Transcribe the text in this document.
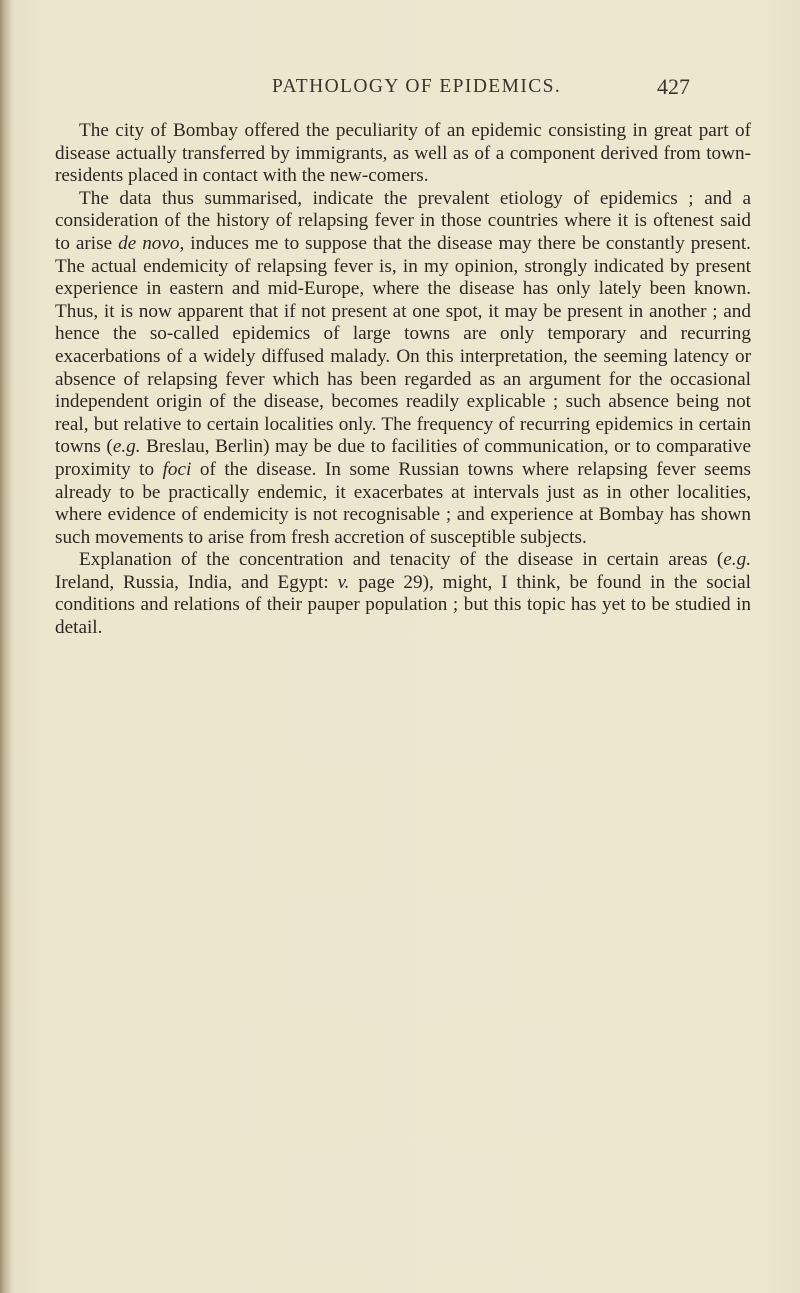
PATHOLOGY OF EPIDEMICS.	427

The city of Bombay offered the peculiarity of an epidemic consisting in great part of disease actually transferred by immigrants, as well as of a component derived from town-residents placed in contact with the new-comers.

The data thus summarised, indicate the prevalent etiology of epidemics ; and a consideration of the history of relapsing fever in those countries where it is oftenest said to arise de novo, induces me to suppose that the disease may there be constantly present. The actual endemicity of relapsing fever is, in my opinion, strongly indicated by present experience in eastern and mid-Europe, where the disease has only lately been known. Thus, it is now apparent that if not present at one spot, it may be present in another ; and hence the so-called epidemics of large towns are only temporary and recurring exacerbations of a widely diffused malady. On this interpretation, the seeming latency or absence of relapsing fever which has been regarded as an argument for the occasional independent origin of the disease, becomes readily explicable ; such absence being not real, but relative to certain localities only. The frequency of recurring epidemics in certain towns (e.g. Breslau, Berlin) may be due to facilities of communication, or to comparative proximity to foci of the disease. In some Russian towns where relapsing fever seems already to be practically endemic, it exacerbates at intervals just as in other localities, where evidence of endemicity is not recognisable ; and experience at Bombay has shown such movements to arise from fresh accretion of susceptible subjects.

Explanation of the concentration and tenacity of the disease in certain areas (e.g. Ireland, Russia, India, and Egypt: v. page 29), might, I think, be found in the social conditions and relations of their pauper population ; but this topic has yet to be studied in detail.
